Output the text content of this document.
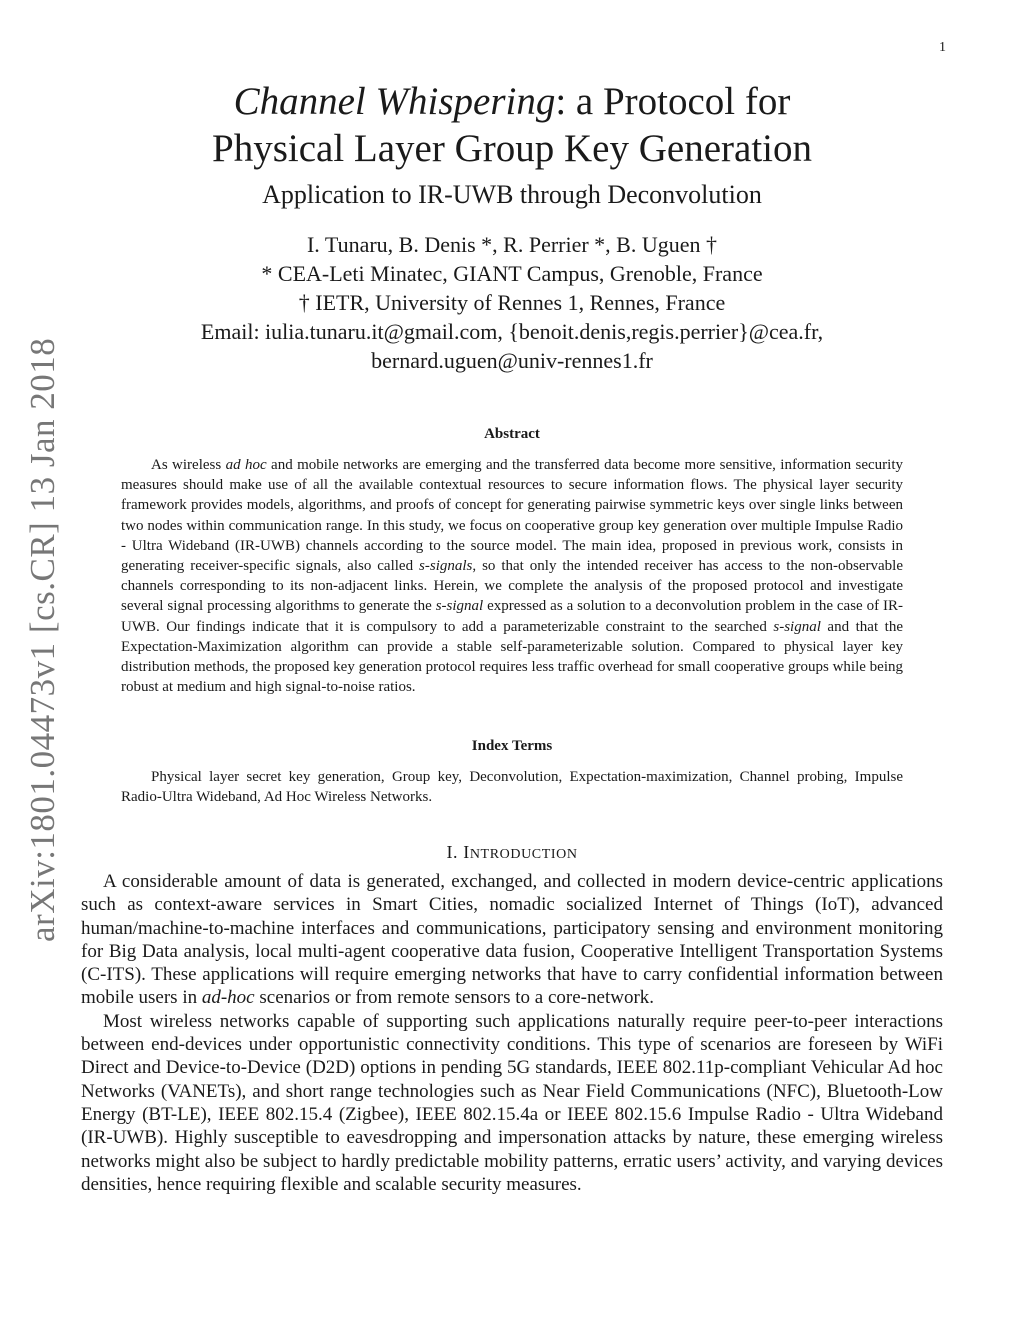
1
arXiv:1801.04473v1 [cs.CR] 13 Jan 2018
Channel Whispering: a Protocol for
Physical Layer Group Key Generation
Application to IR-UWB through Deconvolution
I. Tunaru, B. Denis *, R. Perrier *, B. Uguen †
* CEA-Leti Minatec, GIANT Campus, Grenoble, France
† IETR, University of Rennes 1, Rennes, France
Email: iulia.tunaru.it@gmail.com, {benoit.denis,regis.perrier}@cea.fr,
bernard.uguen@univ-rennes1.fr
Abstract

As wireless ad hoc and mobile networks are emerging and the transferred data become more sensitive, information security measures should make use of all the available contextual resources to secure information flows. The physical layer security framework provides models, algorithms, and proofs of concept for generating pairwise symmetric keys over single links between two nodes within communication range. In this study, we focus on cooperative group key generation over multiple Impulse Radio - Ultra Wideband (IR-UWB) channels according to the source model. The main idea, proposed in previous work, consists in generating receiver-specific signals, also called s-signals, so that only the intended receiver has access to the non-observable channels corresponding to its non-adjacent links. Herein, we complete the analysis of the proposed protocol and investigate several signal processing algorithms to generate the s-signal expressed as a solution to a deconvolution problem in the case of IR-UWB. Our findings indicate that it is compulsory to add a parameterizable constraint to the searched s-signal and that the Expectation-Maximization algorithm can provide a stable self-parameterizable solution. Compared to physical layer key distribution methods, the proposed key generation protocol requires less traffic overhead for small cooperative groups while being robust at medium and high signal-to-noise ratios.

Index Terms

Physical layer secret key generation, Group key, Deconvolution, Expectation-maximization, Channel probing, Impulse Radio-Ultra Wideband, Ad Hoc Wireless Networks.

I. INTRODUCTION

A considerable amount of data is generated, exchanged, and collected in modern device-centric applications such as context-aware services in Smart Cities, nomadic socialized Internet of Things (IoT), advanced human/machine-to-machine interfaces and communications, participatory sensing and environment monitoring for Big Data analysis, local multi-agent cooperative data fusion, Cooperative Intelligent Transportation Systems (C-ITS). These applications will require emerging networks that have to carry confidential information between mobile users in ad-hoc scenarios or from remote sensors to a core-network.

Most wireless networks capable of supporting such applications naturally require peer-to-peer interactions between end-devices under opportunistic connectivity conditions. This type of scenarios are foreseen by WiFi Direct and Device-to-Device (D2D) options in pending 5G standards, IEEE 802.11p-compliant Vehicular Ad hoc Networks (VANETs), and short range technologies such as Near Field Communications (NFC), Bluetooth-Low Energy (BT-LE), IEEE 802.15.4 (Zigbee), IEEE 802.15.4a or IEEE 802.15.6 Impulse Radio - Ultra Wideband (IR-UWB). Highly susceptible to eavesdropping and impersonation attacks by nature, these emerging wireless networks might also be subject to hardly predictable mobility patterns, erratic users’ activity, and varying devices densities, hence requiring flexible and scalable security measures.
